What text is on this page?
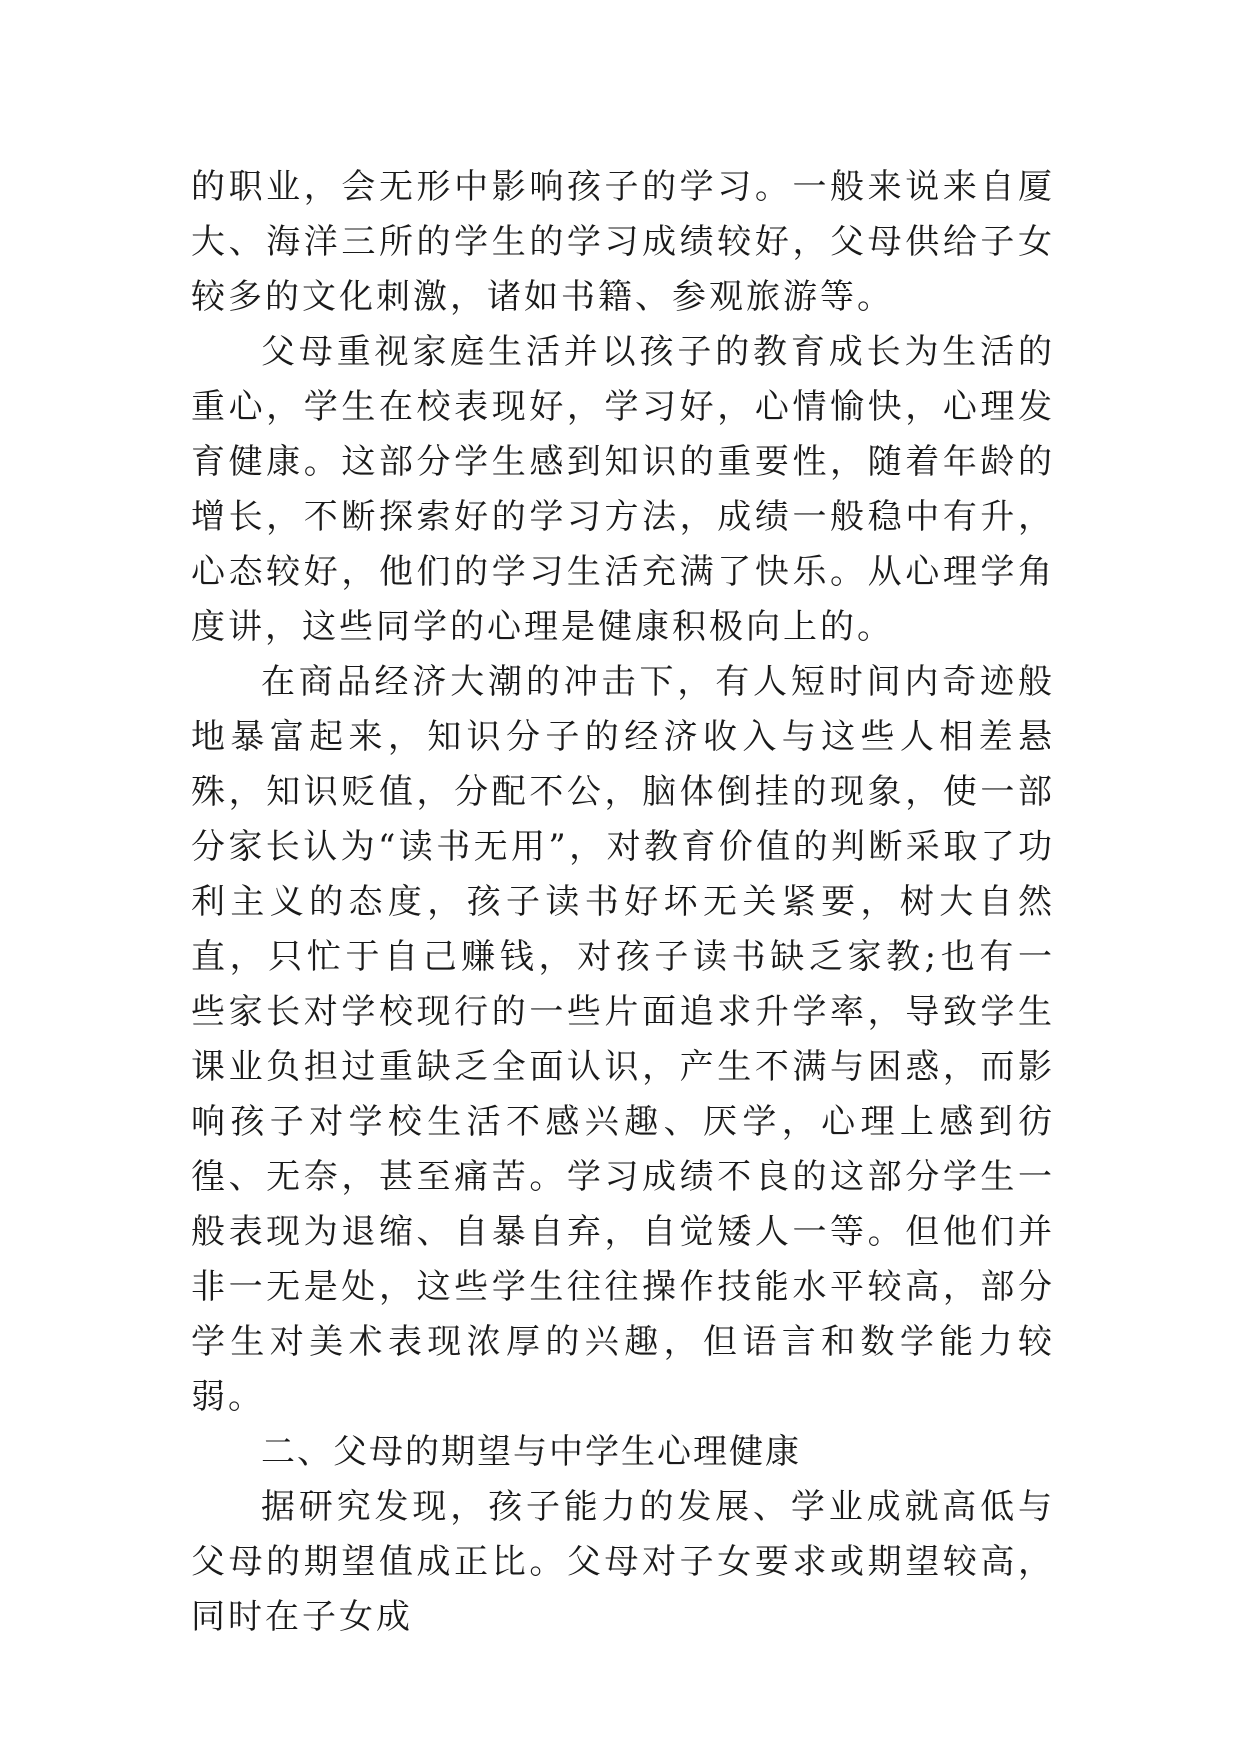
的职业，会无形中影响孩子的学习。一般来说来自厦大、海洋三所的学生的学习成绩较好，父母供给子女较多的文化刺激，诸如书籍、参观旅游等。

父母重视家庭生活并以孩子的教育成长为生活的重心，学生在校表现好，学习好，心情愉快，心理发育健康。这部分学生感到知识的重要性，随着年龄的增长，不断探索好的学习方法，成绩一般稳中有升，心态较好，他们的学习生活充满了快乐。从心理学角度讲，这些同学的心理是健康积极向上的。

在商品经济大潮的冲击下，有人短时间内奇迹般地暴富起来，知识分子的经济收入与这些人相差悬殊，知识贬值，分配不公，脑体倒挂的现象，使一部分家长认为“读书无用”，对教育价值的判断采取了功利主义的态度，孩子读书好坏无关紧要，树大自然直，只忙于自己赚钱，对孩子读书缺乏家教;也有一些家长对学校现行的一些片面追求升学率，导致学生课业负担过重缺乏全面认识，产生不满与困惑，而影响孩子对学校生活不感兴趣、厌学，心理上感到彷徨、无奈，甚至痛苦。学习成绩不良的这部分学生一般表现为退缩、自暴自弃，自觉矮人一等。但他们并非一无是处，这些学生往往操作技能水平较高，部分学生对美术表现浓厚的兴趣，但语言和数学能力较弱。

二、父母的期望与中学生心理健康

据研究发现，孩子能力的发展、学业成就高低与父母的期望值成正比。父母对子女要求或期望较高，同时在子女成
